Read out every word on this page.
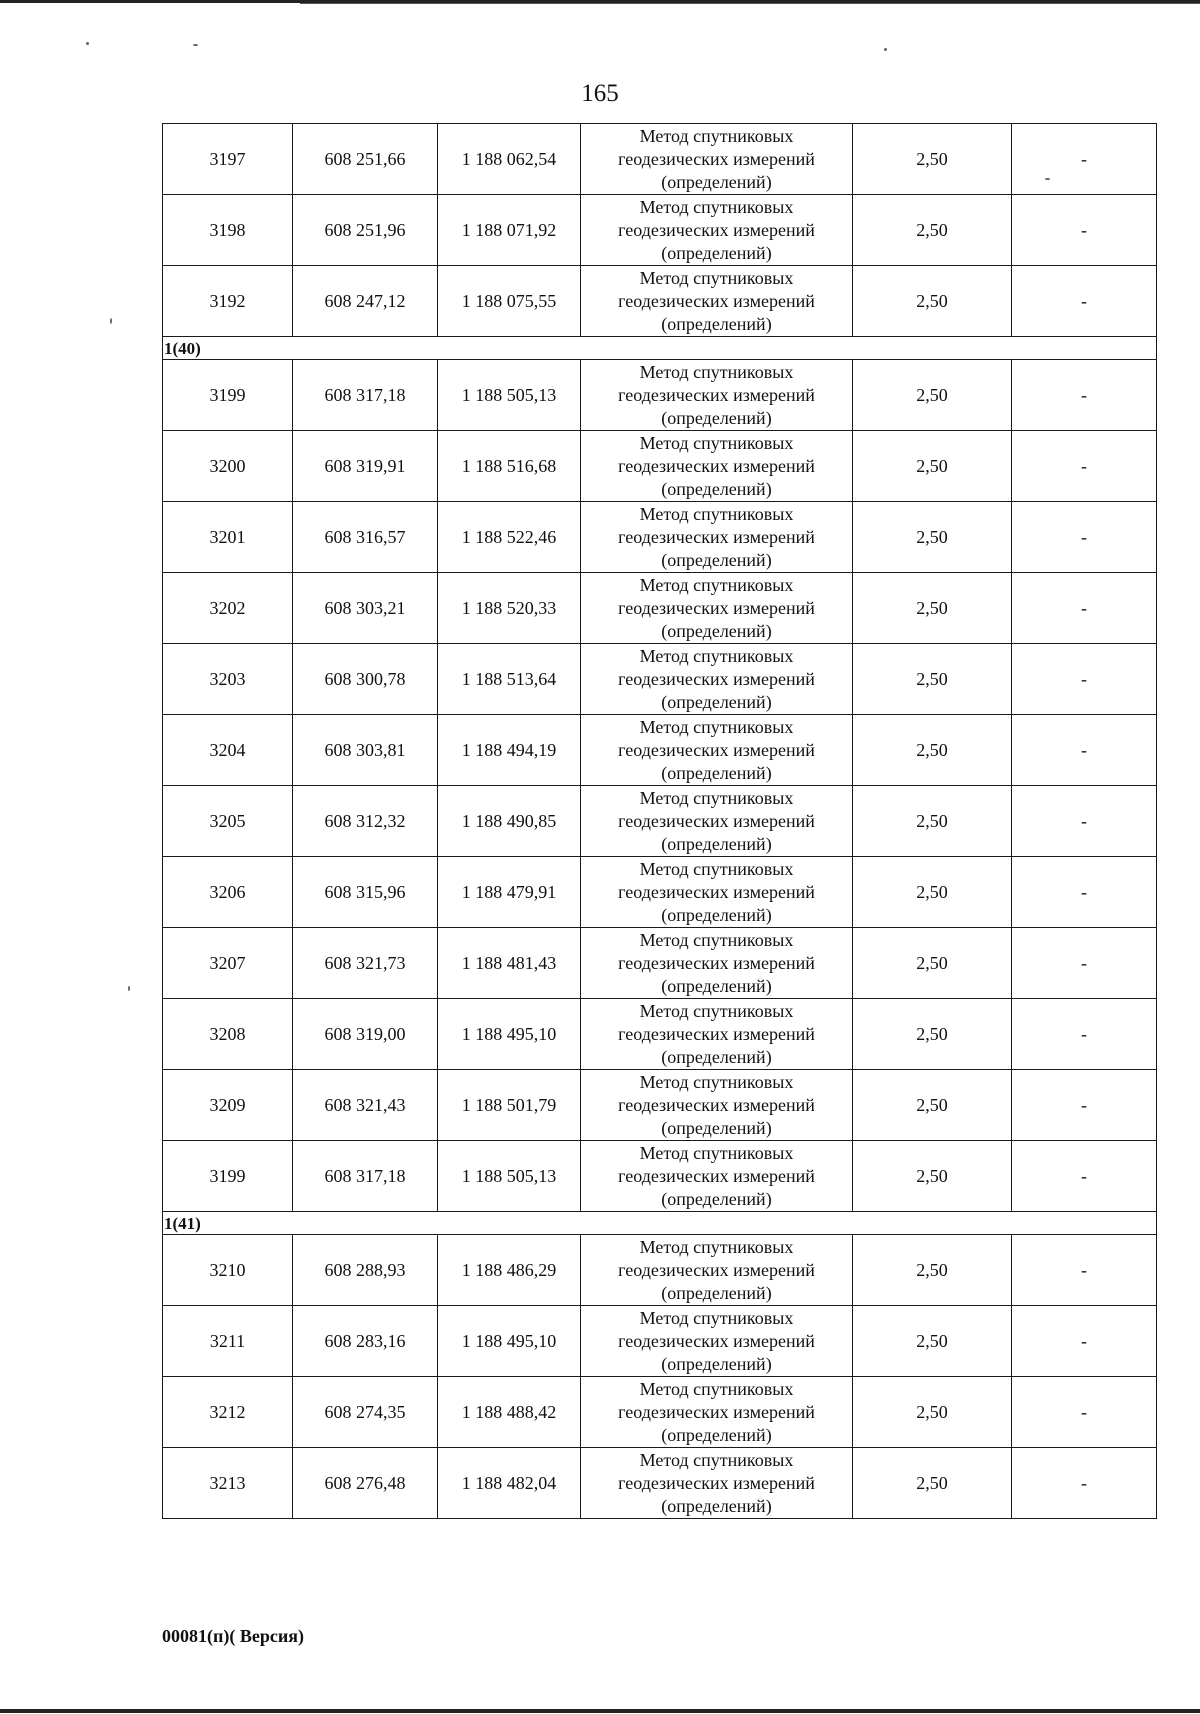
165
3197	608 251,66	1 188 062,54	Метод спутниковых
геодезических измерений
(определений)	2,50	-
3198	608 251,96	1 188 071,92	Метод спутниковых
геодезических измерений
(определений)	2,50	-
3192	608 247,12	1 188 075,55	Метод спутниковых
геодезических измерений
(определений)	2,50	-
1(40)					
3199	608 317,18	1 188 505,13	Метод спутниковых
геодезических измерений
(определений)	2,50	-
3200	608 319,91	1 188 516,68	Метод спутниковых
геодезических измерений
(определений)	2,50	-
3201	608 316,57	1 188 522,46	Метод спутниковых
геодезических измерений
(определений)	2,50	-
3202	608 303,21	1 188 520,33	Метод спутниковых
геодезических измерений
(определений)	2,50	-
3203	608 300,78	1 188 513,64	Метод спутниковых
геодезических измерений
(определений)	2,50	-
3204	608 303,81	1 188 494,19	Метод спутниковых
геодезических измерений
(определений)	2,50	-
3205	608 312,32	1 188 490,85	Метод спутниковых
геодезических измерений
(определений)	2,50	-
3206	608 315,96	1 188 479,91	Метод спутниковых
геодезических измерений
(определений)	2,50	-
3207	608 321,73	1 188 481,43	Метод спутниковых
геодезических измерений
(определений)	2,50	-
3208	608 319,00	1 188 495,10	Метод спутниковых
геодезических измерений
(определений)	2,50	-
3209	608 321,43	1 188 501,79	Метод спутниковых
геодезических измерений
(определений)	2,50	-
3199	608 317,18	1 188 505,13	Метод спутниковых
геодезических измерений
(определений)	2,50	-
1(41)					
3210	608 288,93	1 188 486,29	Метод спутниковых
геодезических измерений
(определений)	2,50	-
3211	608 283,16	1 188 495,10	Метод спутниковых
геодезических измерений
(определений)	2,50	-
3212	608 274,35	1 188 488,42	Метод спутниковых
геодезических измерений
(определений)	2,50	-
3213	608 276,48	1 188 482,04	Метод спутниковых
геодезических измерений
(определений)	2,50	-
00081(п)( Версия)
